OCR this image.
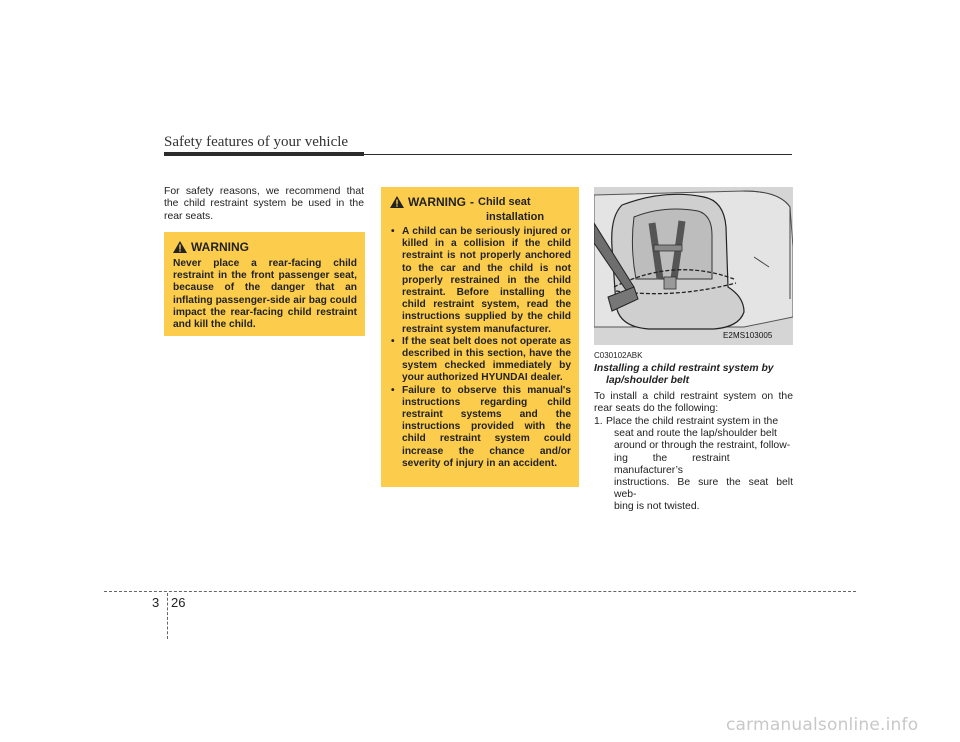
Safety features of your vehicle
For safety reasons, we recommend that the child restraint system be used in the rear seats.
WARNING
Never place a rear-facing child restraint in the front passenger seat, because of the danger that an inflating passenger-side air bag could impact the rear-facing child restraint and kill the child.
WARNING - Child seat
installation
• A child can be seriously injured or killed in a collision if the child restraint is not properly anchored to the car and the child is not properly restrained in the child restraint. Before installing the child restraint system, read the instructions supplied by the child restraint system manufacturer.
• If the seat belt does not operate as described in this section, have the system checked immediately by your authorized HYUNDAI dealer.
• Failure to observe this manual's instructions regarding child restraint systems and the instructions provided with the child restraint system could increase the chance and/or severity of injury in an accident.
E2MS103005
C030102ABK
Installing a child restraint system by
lap/shoulder belt
To install a child restraint system on the rear seats do the following:
1. Place the child restraint system in the
seat and route the lap/shoulder belt
around or through the restraint, follow-
ing the restraint manufacturer’s
instructions. Be sure the seat belt web-
bing is not twisted.
3 26
carmanualsonline.info
